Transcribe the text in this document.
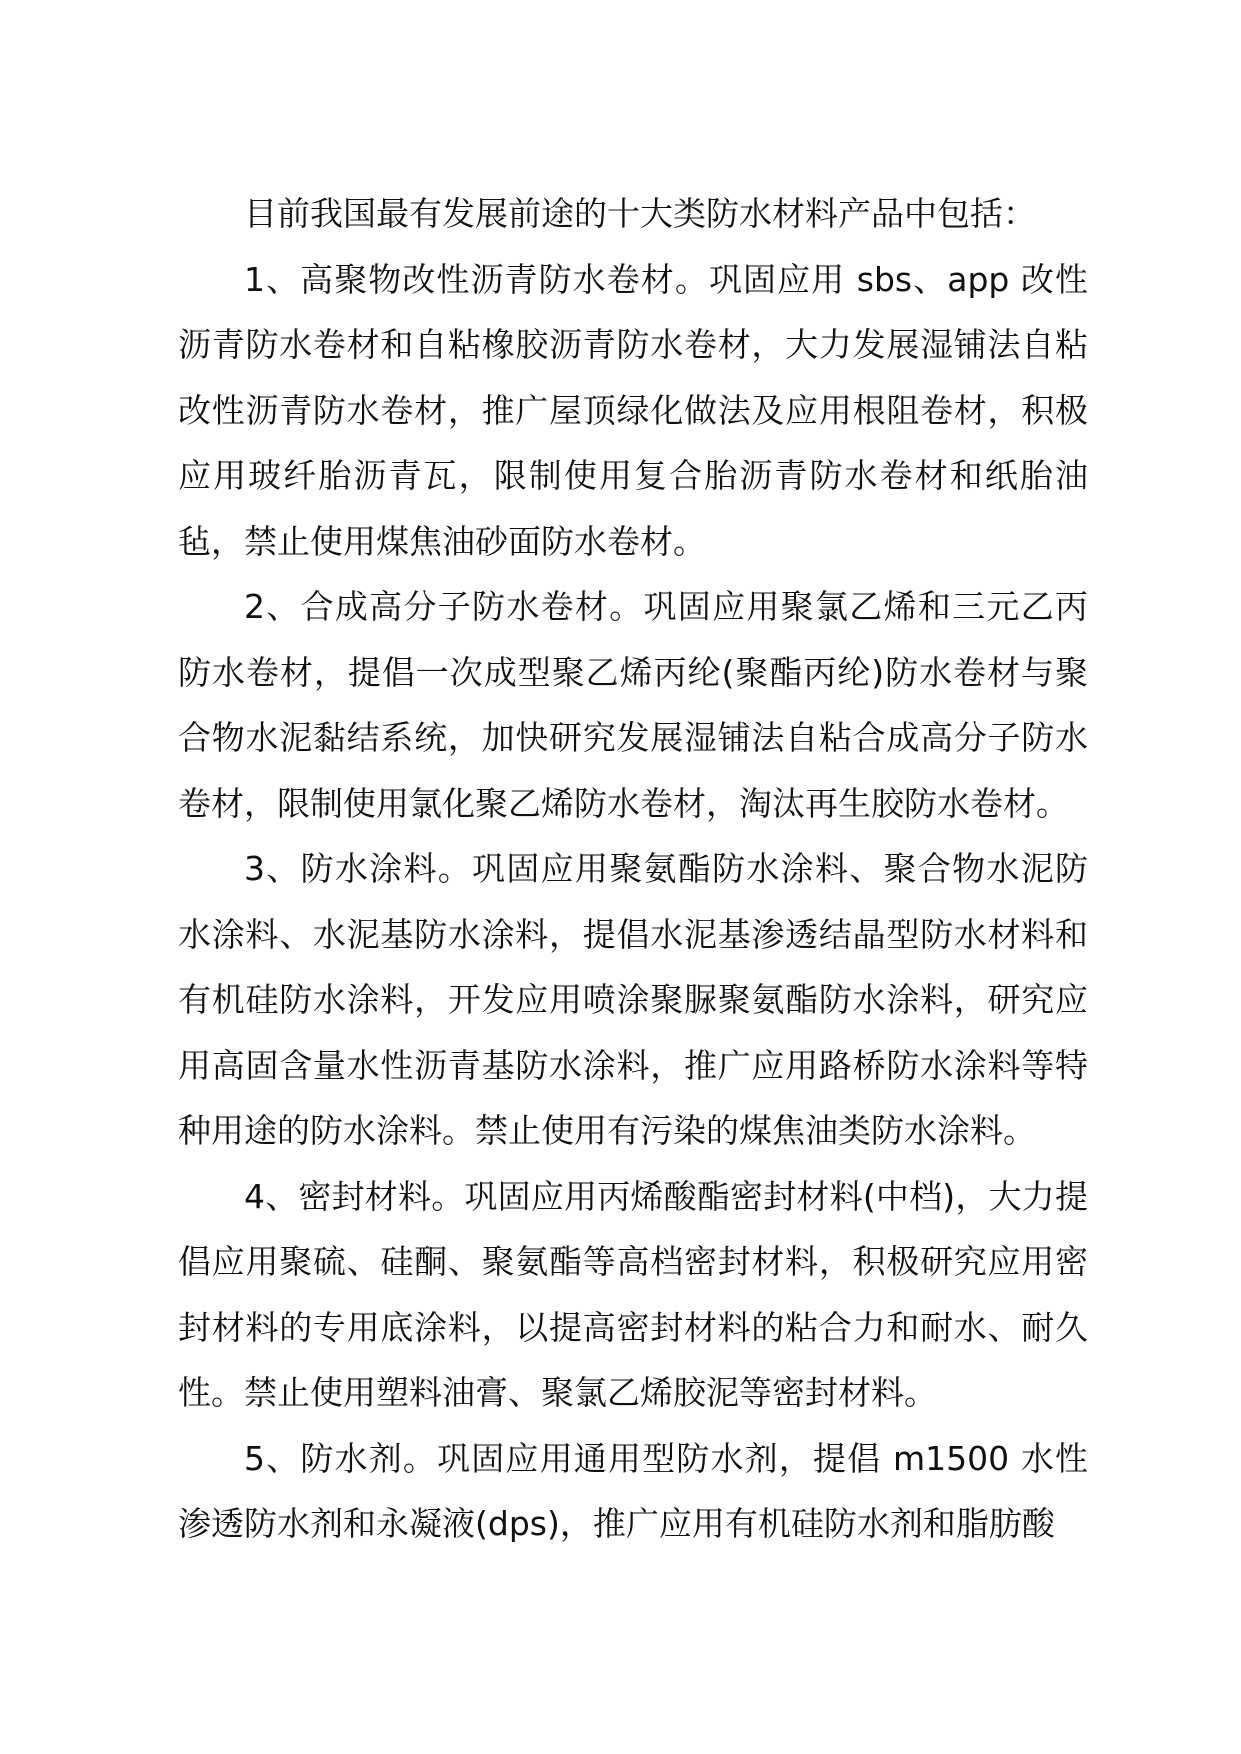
目前我国最有发展前途的十大类防水材料产品中包括：

1、高聚物改性沥青防水卷材。巩固应用 sbs、app 改性沥青防水卷材和自粘橡胶沥青防水卷材，大力发展湿铺法自粘改性沥青防水卷材，推广屋顶绿化做法及应用根阻卷材，积极应用玻纤胎沥青瓦，限制使用复合胎沥青防水卷材和纸胎油毡，禁止使用煤焦油砂面防水卷材。

2、合成高分子防水卷材。巩固应用聚氯乙烯和三元乙丙防水卷材，提倡一次成型聚乙烯丙纶(聚酯丙纶)防水卷材与聚合物水泥黏结系统，加快研究发展湿铺法自粘合成高分子防水卷材，限制使用氯化聚乙烯防水卷材，淘汰再生胶防水卷材。

3、防水涂料。巩固应用聚氨酯防水涂料、聚合物水泥防水涂料、水泥基防水涂料，提倡水泥基渗透结晶型防水材料和有机硅防水涂料，开发应用喷涂聚脲聚氨酯防水涂料，研究应用高固含量水性沥青基防水涂料，推广应用路桥防水涂料等特种用途的防水涂料。禁止使用有污染的煤焦油类防水涂料。

4、密封材料。巩固应用丙烯酸酯密封材料(中档)，大力提倡应用聚硫、硅酮、聚氨酯等高档密封材料，积极研究应用密封材料的专用底涂料，以提高密封材料的粘合力和耐水、耐久性。禁止使用塑料油膏、聚氯乙烯胶泥等密封材料。

5、防水剂。巩固应用通用型防水剂，提倡 m1500 水性渗透防水剂和永凝液(dps)，推广应用有机硅防水剂和脂肪酸
